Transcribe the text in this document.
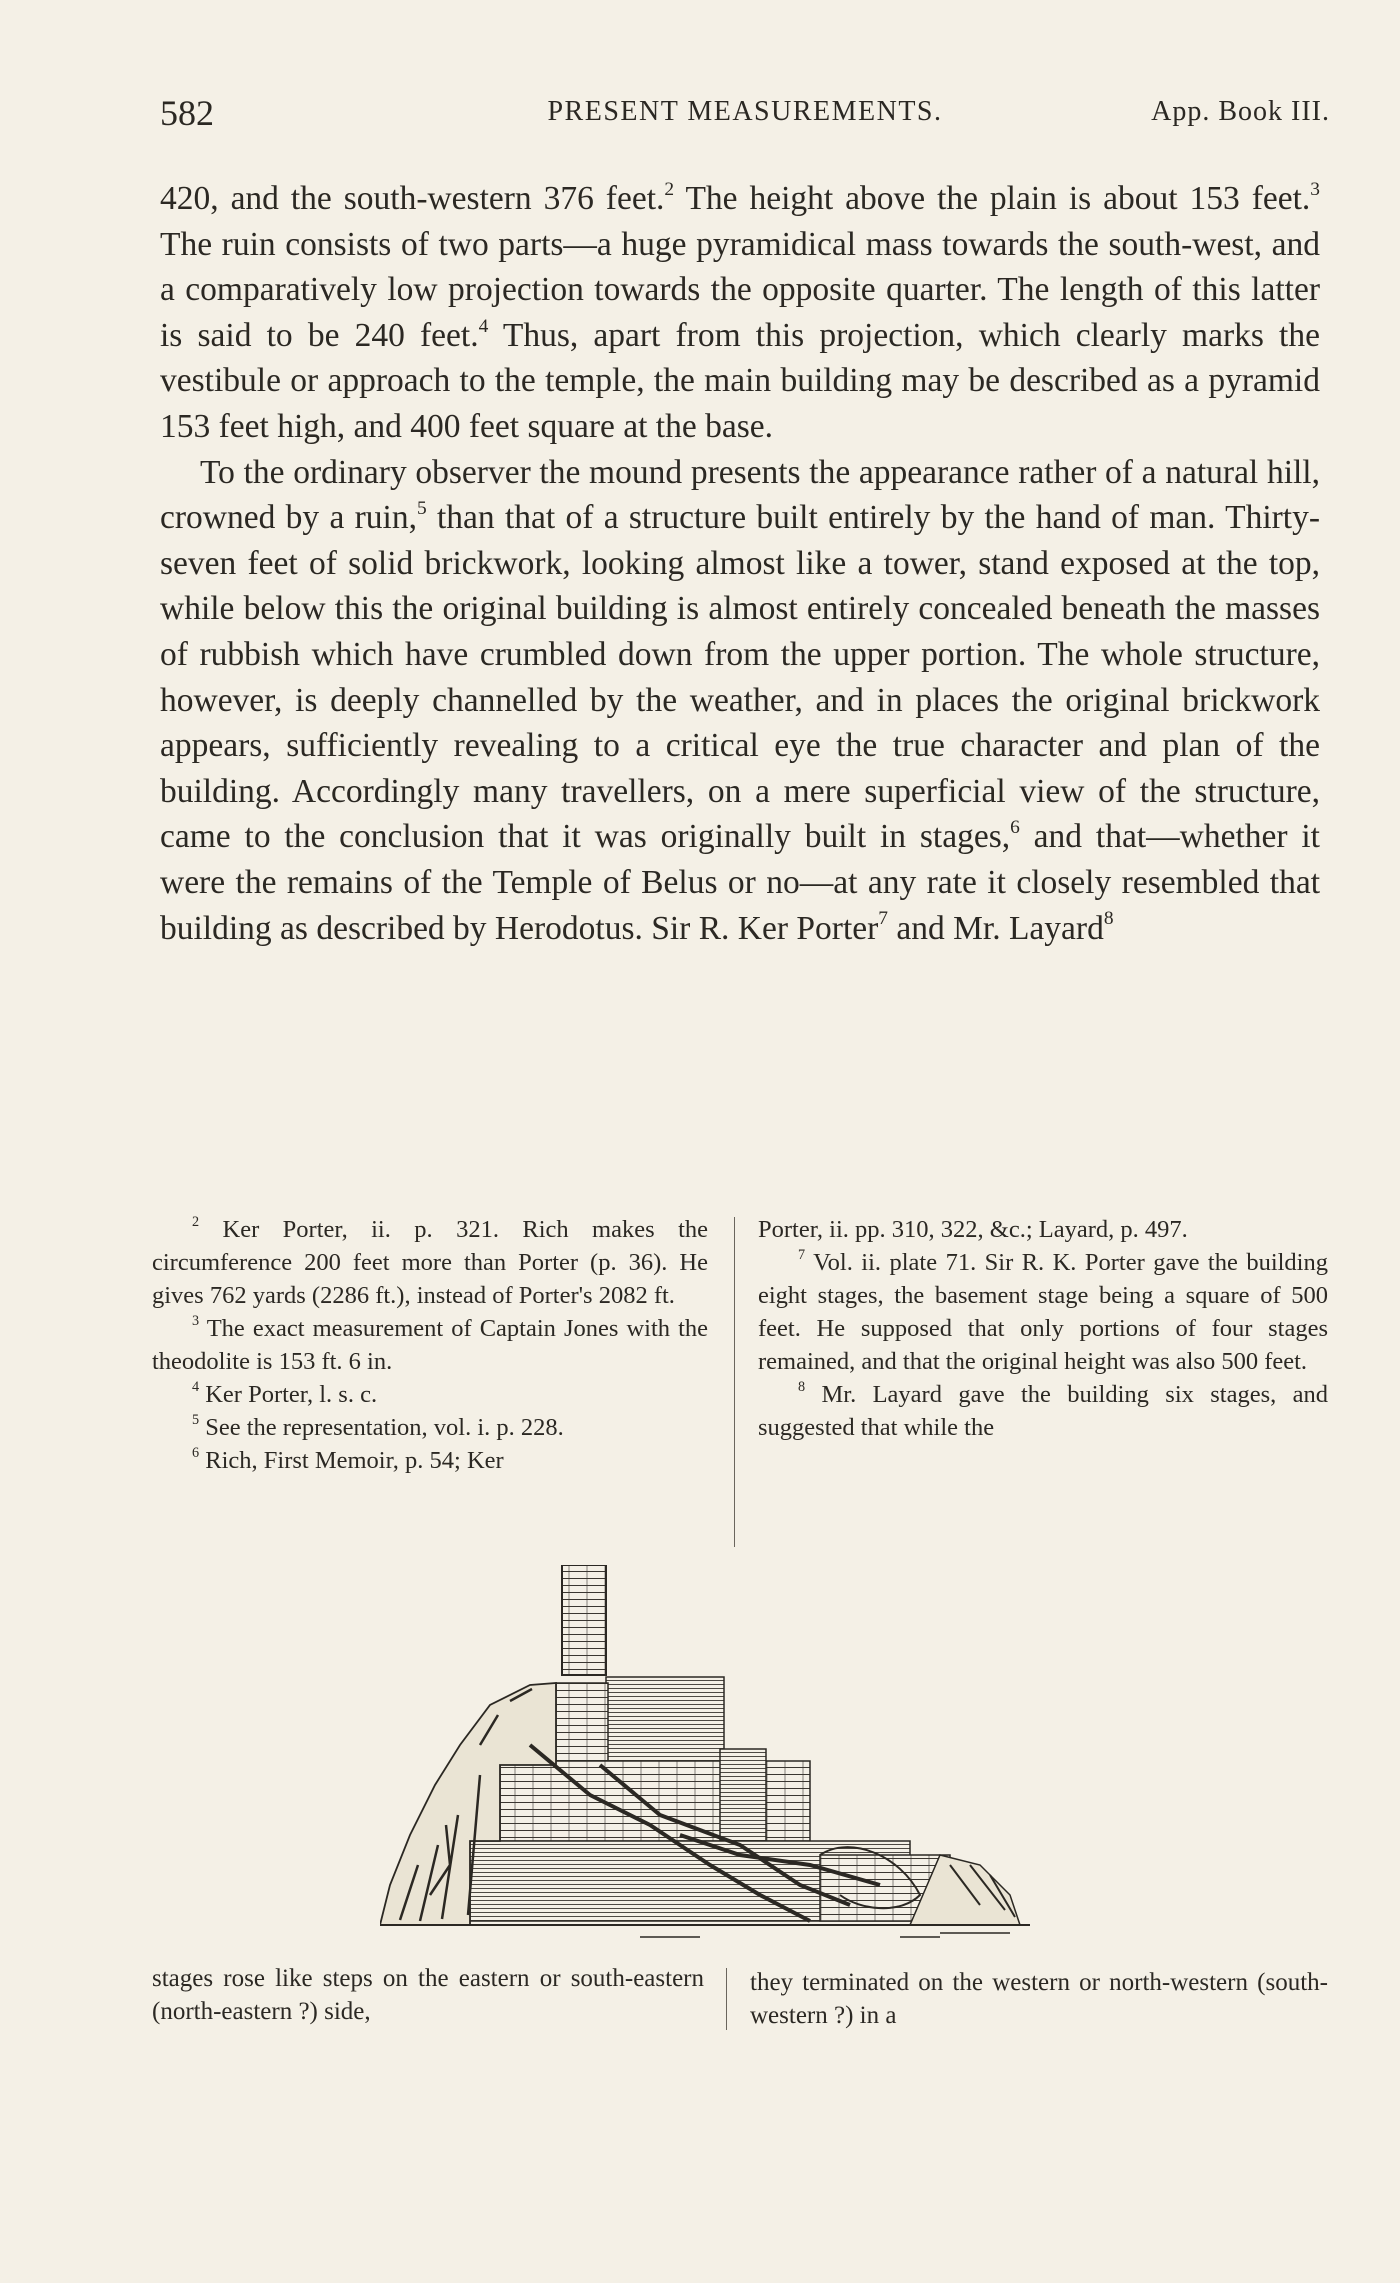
582	PRESENT MEASUREMENTS.	App. Book III.

420, and the south-western 376 feet.$^2$ The height above the plain is about 153 feet.$^3$ The ruin consists of two parts—a huge pyramidical mass towards the south-west, and a comparatively low projection towards the opposite quarter. The length of this latter is said to be 240 feet.$^4$ Thus, apart from this projection, which clearly marks the vestibule or approach to the temple, the main building may be described as a pyramid 153 feet high, and 400 feet square at the base.

To the ordinary observer the mound presents the appearance rather of a natural hill, crowned by a ruin,$^5$ than that of a structure built entirely by the hand of man. Thirty-seven feet of solid brickwork, looking almost like a tower, stand exposed at the top, while below this the original building is almost entirely concealed beneath the masses of rubbish which have crumbled down from the upper portion. The whole structure, however, is deeply channelled by the weather, and in places the original brickwork appears, sufficiently revealing to a critical eye the true character and plan of the building. Accordingly many travellers, on a mere superficial view of the structure, came to the conclusion that it was originally built in stages,$^6$ and that—whether it were the remains of the Temple of Belus or no—at any rate it closely resembled that building as described by Herodotus. Sir R. Ker Porter$^7$ and Mr. Layard$^8$

$^2$ Ker Porter, ii. p. 321. Rich makes the circumference 200 feet more than Porter (p. 36). He gives 762 yards (2286 ft.), instead of Porter's 2082 ft.

$^3$ The exact measurement of Captain Jones with the theodolite is 153 ft. 6 in.

$^4$ Ker Porter, l. s. c.

$^5$ See the representation, vol. i. p. 228.

$^6$ Rich, First Memoir, p. 54; Ker

Porter, ii. pp. 310, 322, &c.; Layard, p. 497.

$^7$ Vol. ii. plate 71. Sir R. K. Porter gave the building eight stages, the basement stage being a square of 500 feet. He supposed that only portions of four stages remained, and that the original height was also 500 feet.

$^8$ Mr. Layard gave the building six stages, and suggested that while the

stages rose like steps on the eastern or south-eastern (north-eastern ?) side,
they terminated on the western or north-western (south-western ?) in a
